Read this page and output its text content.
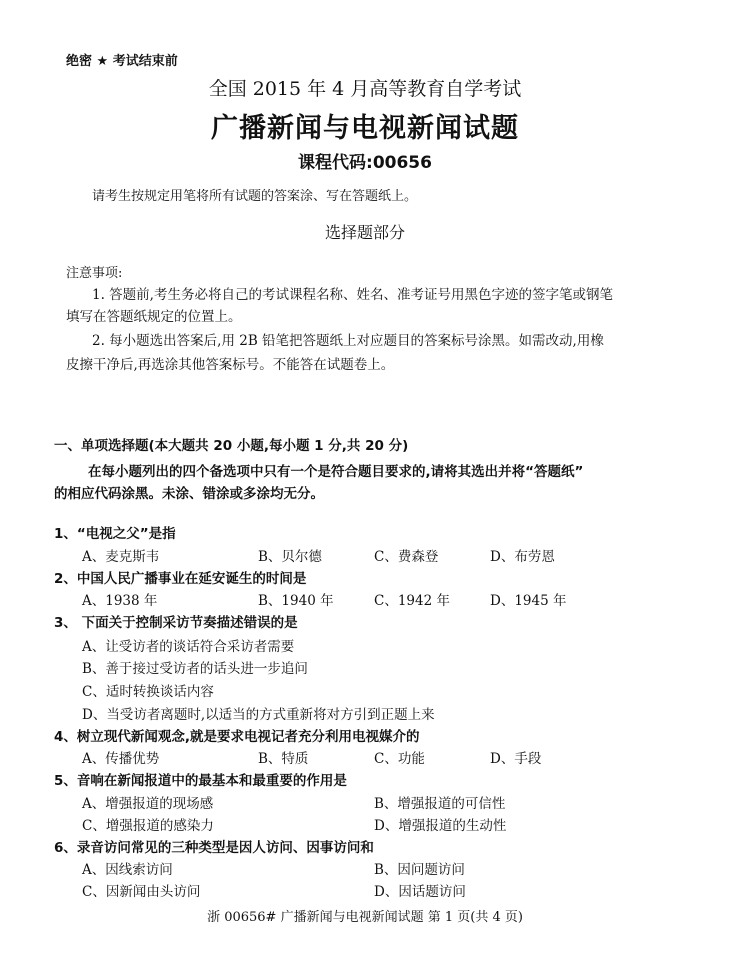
绝密 ★ 考试结束前
全国 2015 年 4 月高等教育自学考试
广播新闻与电视新闻试题
课程代码:00656
请考生按规定用笔将所有试题的答案涂、写在答题纸上。
选择题部分
注意事项:
1. 答题前,考生务必将自己的考试课程名称、姓名、准考证号用黑色字迹的签字笔或钢笔
填写在答题纸规定的位置上。
2. 每小题选出答案后,用 2B 铅笔把答题纸上对应题目的答案标号涂黑。如需改动,用橡
皮擦干净后,再选涂其他答案标号。不能答在试题卷上。
一、单项选择题(本大题共 20 小题,每小题 1 分,共 20 分)
在每小题列出的四个备选项中只有一个是符合题目要求的,请将其选出并将“答题纸”
的相应代码涂黑。未涂、错涂或多涂均无分。
1、“电视之父”是指
A、麦克斯韦	B、贝尔德	C、费森登	D、布劳恩
2、中国人民广播事业在延安诞生的时间是
A、1938 年	B、1940 年	C、1942 年	D、1945 年
3、 下面关于控制采访节奏描述错误的是
A、让受访者的谈话符合采访者需要
B、善于接过受访者的话头进一步追问
C、适时转换谈话内容
D、当受访者离题时,以适当的方式重新将对方引到正题上来
4、树立现代新闻观念,就是要求电视记者充分利用电视媒介的
A、传播优势	B、特质	C、功能	D、手段
5、音响在新闻报道中的最基本和最重要的作用是
A、增强报道的现场感	B、增强报道的可信性
C、增强报道的感染力	D、增强报道的生动性
6、录音访问常见的三种类型是因人访问、因事访问和
A、因线索访问	B、因问题访问
C、因新闻由头访问	D、因话题访问
浙 00656# 广播新闻与电视新闻试题 第 1 页(共 4 页)
